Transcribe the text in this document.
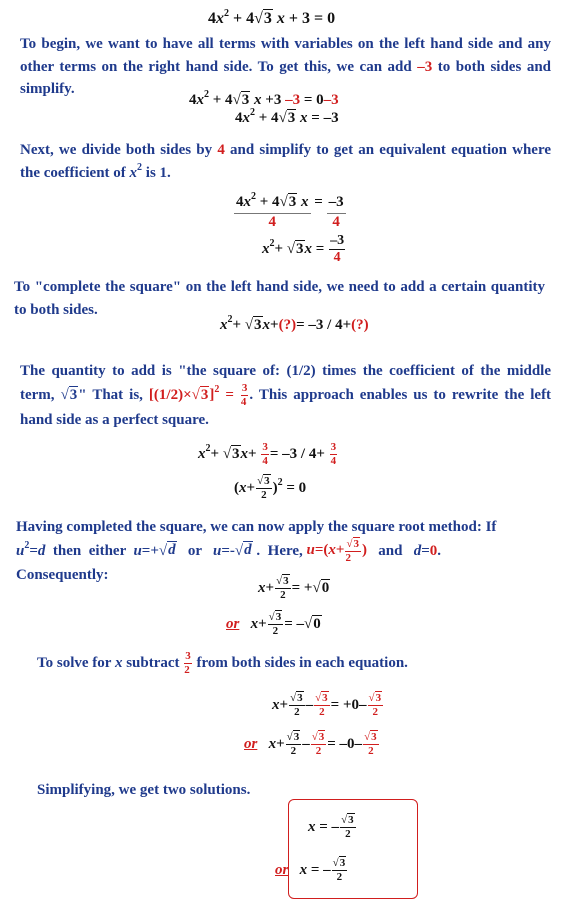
$4x^2 + 4√3$ x + 3 = 0
To begin, we want to have all terms with variables on the left hand side and any other terms on the right hand side. To get this, we can add –3 to both sides and simplify.
$4x^2 + 4√3$ x +3 –3 = 0–3
$4x^2 + 4√3$ x = –3
Next, we divide both sides by 4 and simplify to get an equivalent equation where the coefficient of $x^2$ is 1.
$\frac{4x^2 + 4√3 x}{4} = \frac{-3}{4}$
$x^2+ √3x = \frac{-3}{4}$
To "complete the square" on the left hand side, we need to add a certain quantity to both sides.
$x^2+$ √3x+(?)= –3 / 4+(?)
The quantity to add is "the square of: (1/2) times the coefficient of the middle term, √3" That is, $[(1/2)\times√3]^2 = \frac{3}{4}$ . This approach enables us to rewrite the left hand side as a perfect square.
$x^2+ √3x+ \frac{3}{4} = -3 / 4+ \frac{3}{4}$
$(x+ \frac{√3}{2} )^2 = 0$
Having completed the square, we can now apply the square root method: If
$u^2=d$  then  either  u=+√d   or   u=-√d .  Here, $u=(x+ \frac{√3}{2}$ )   and   d=0.
Consequently:
$x+ \frac{√3}{2} = +√0$
or $x+ \frac{√3}{2} = -√0$
To solve for x subtract $\frac{3}{2}$ from both sides in each equation.
$x+ \frac{√3}{2} - \frac{√3}{2} = +0- \frac{√3}{2}$
or $x+ \frac{√3}{2} - \frac{√3}{2} = -0- \frac{√3}{2}$
Simplifying, we get two solutions.
x = – $\frac{√3}{2}$
or x = – $\frac{√3}{2}$
